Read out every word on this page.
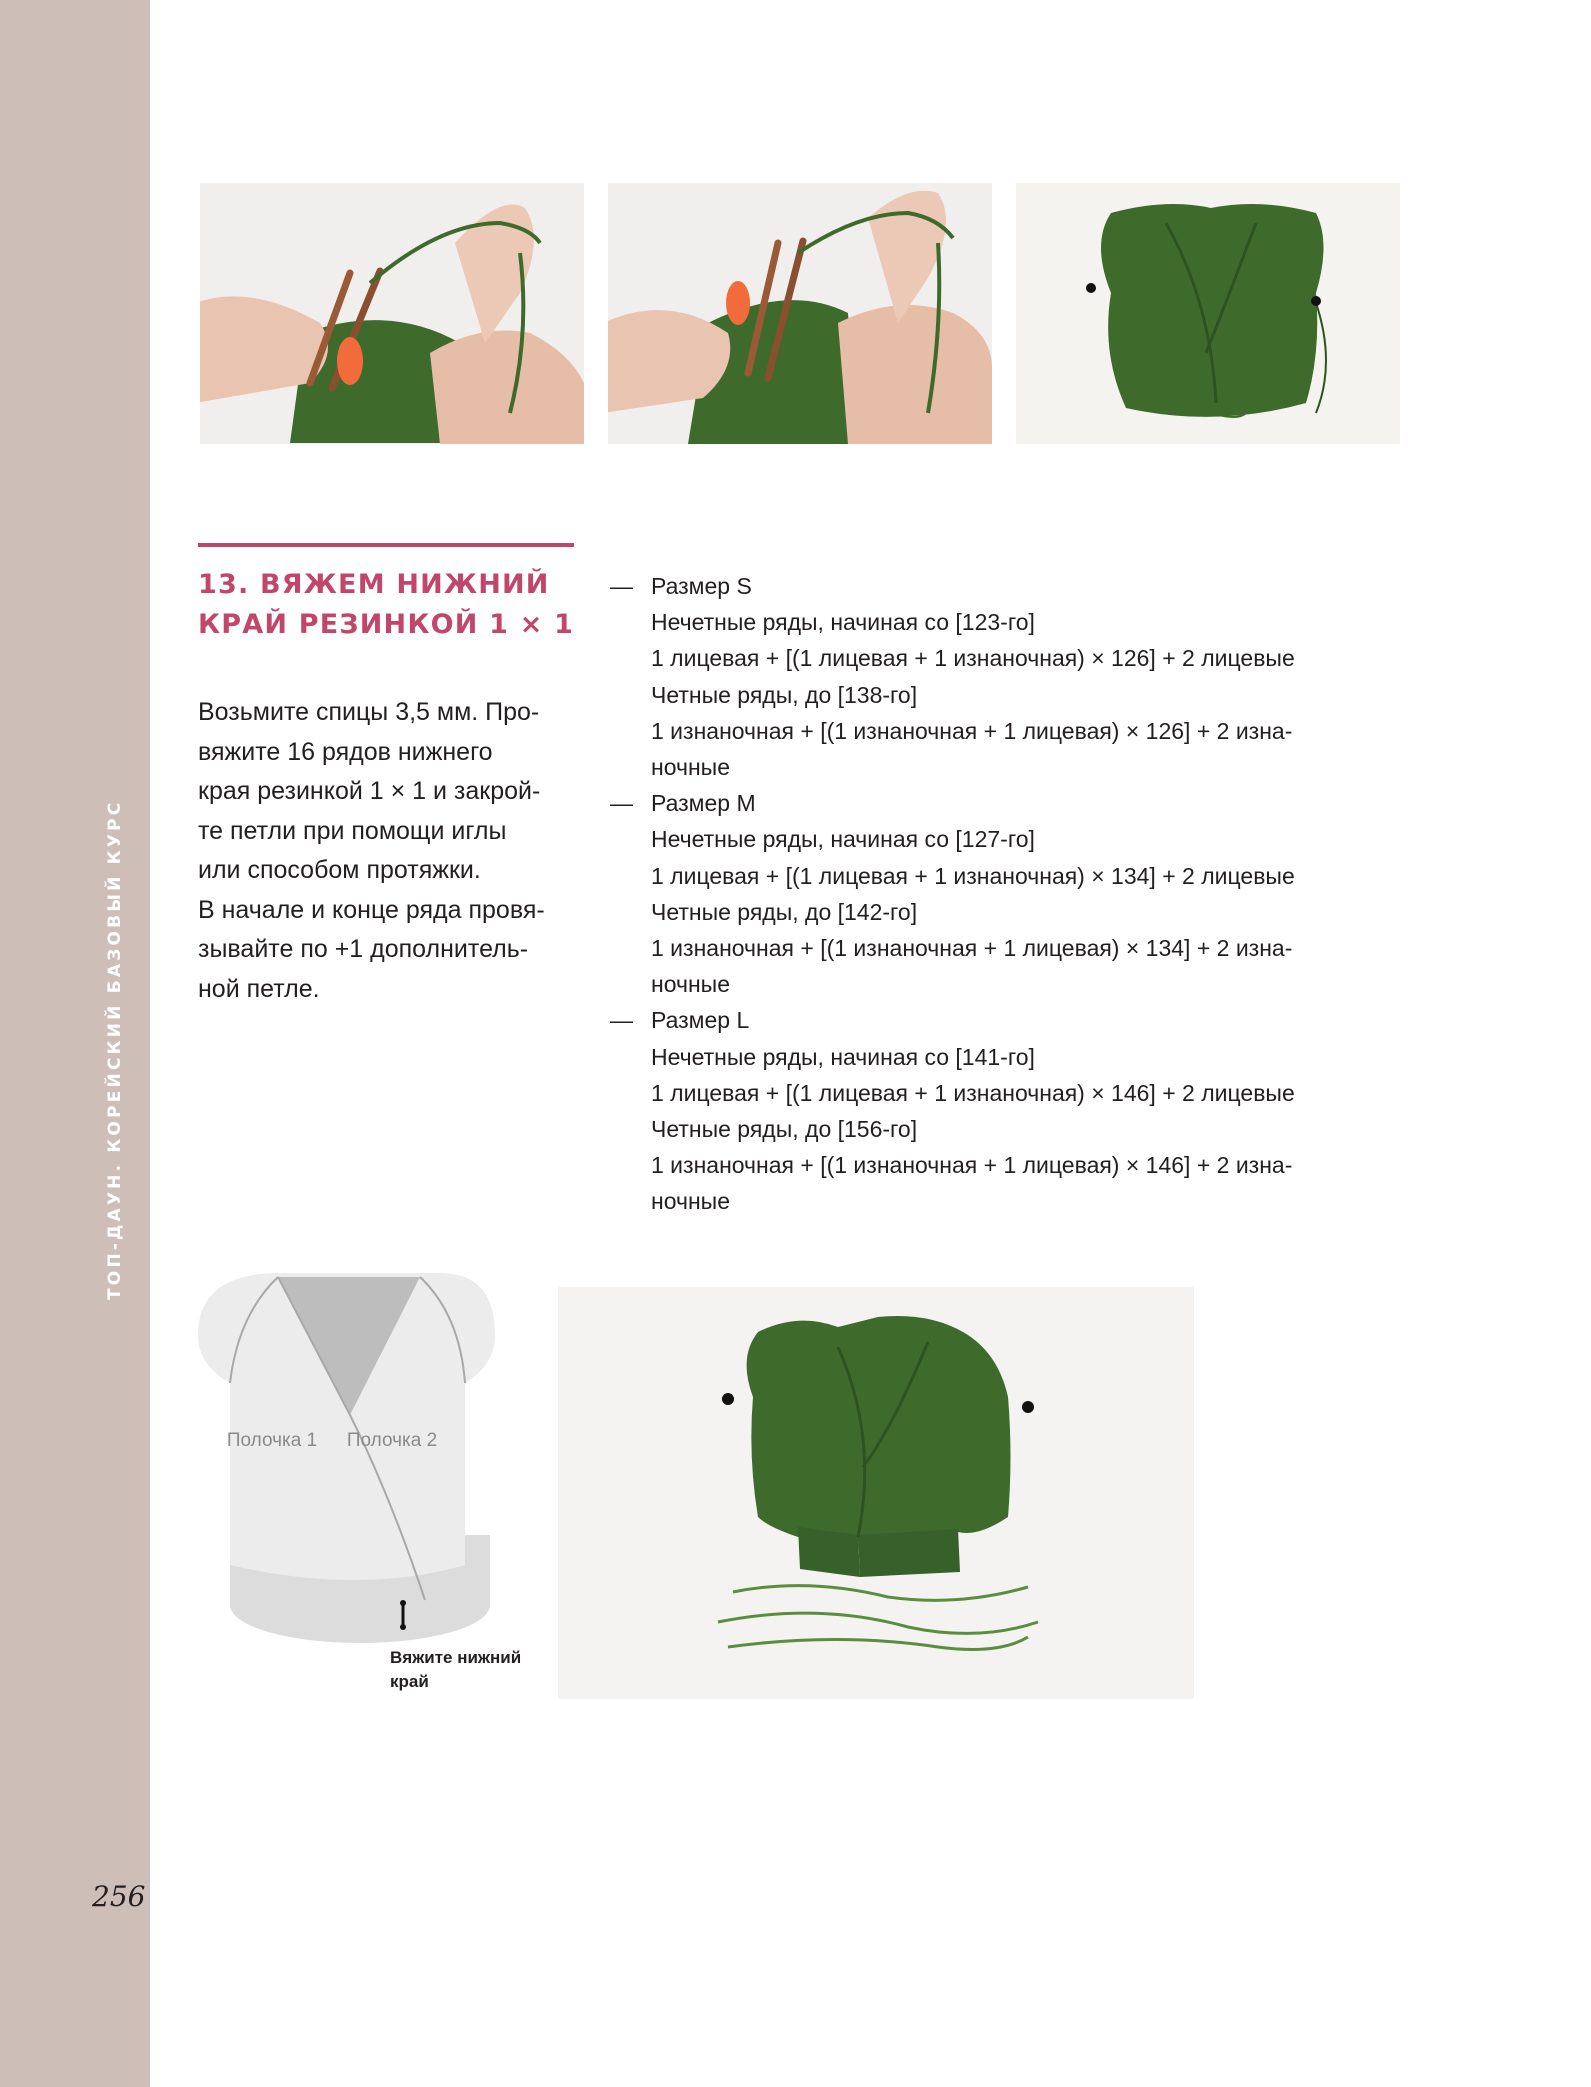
ТОП-ДАУН. КОРЕЙСКИЙ БАЗОВЫЙ КУРС
256
13. ВЯЖЕМ НИЖНИЙ
КРАЙ РЕЗИНКОЙ 1 × 1
Возьмите спицы 3,5 мм. Про-
вяжите 16 рядов нижнего
края резинкой 1 × 1 и закрой-
те петли при помощи иглы
или способом протяжки.
В начале и конце ряда провя-
зывайте по +1 дополнитель-
ной петле.
— Размер S
Нечетные ряды, начиная со [123-го]
1 лицевая + [(1 лицевая + 1 изнаночная) × 126] + 2 лицевые
Четные ряды, до [138-го]
1 изнаночная + [(1 изнаночная + 1 лицевая) × 126] + 2 изна-
ночные
— Размер M
Нечетные ряды, начиная со [127-го]
1 лицевая + [(1 лицевая + 1 изнаночная) × 134] + 2 лицевые
Четные ряды, до [142-го]
1 изнаночная + [(1 изнаночная + 1 лицевая) × 134] + 2 изна-
ночные
— Размер L
Нечетные ряды, начиная со [141-го]
1 лицевая + [(1 лицевая + 1 изнаночная) × 146] + 2 лицевые
Четные ряды, до [156-го]
1 изнаночная + [(1 изнаночная + 1 лицевая) × 146] + 2 изна-
ночные
Полочка 1 Полочка 2
Вяжите нижний
край
